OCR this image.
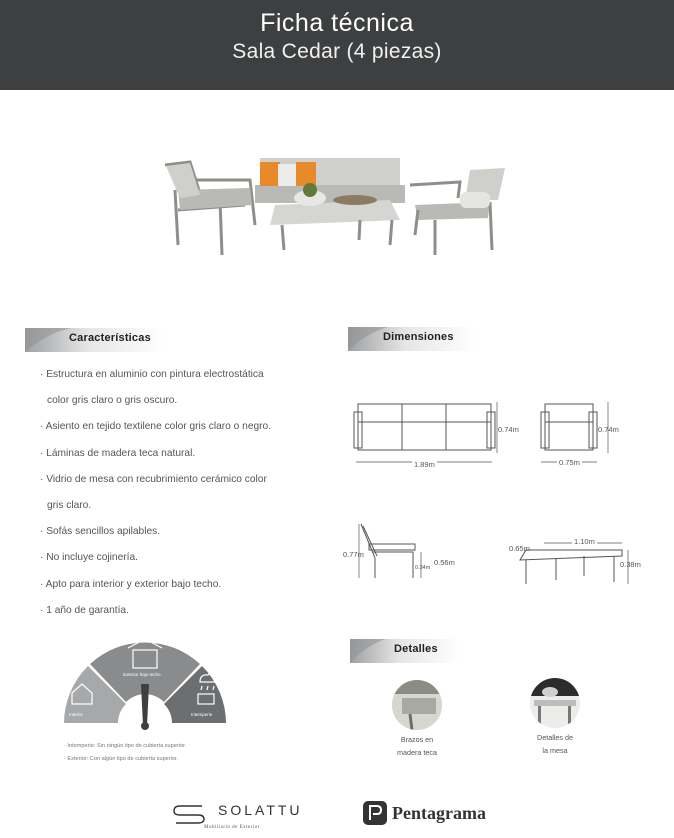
Ficha técnica
Sala Cedar (4 piezas)
Características
· Estructura en aluminio con pintura electrostática
color gris claro o gris oscuro.
· Asiento en tejido textilene color gris claro o negro.
· Láminas de madera teca natural.
· Vidrio de mesa con recubrimiento cerámico color
gris claro.
· Sofás sencillos apilables.
· No incluye cojinería.
· Apto para interior y exterior bajo techo.
· 1 año de garantía.
Dimensiones
1.89m
0.74m
0.75m
0.74m
0.77m
0.56m
0.34m
1.10m
0.65m
0.38m
Interior
Exterior bajo techo
Intemperie
· Intemperie: Sin ningún tipo de cubierta superior.
· Exterior: Con algún tipo de cubierta superior.
Detalles
Brazos en
madera teca
Detalles de
la mesa
SOLATTU
Mobiliario de Exterior
Pentagrama
